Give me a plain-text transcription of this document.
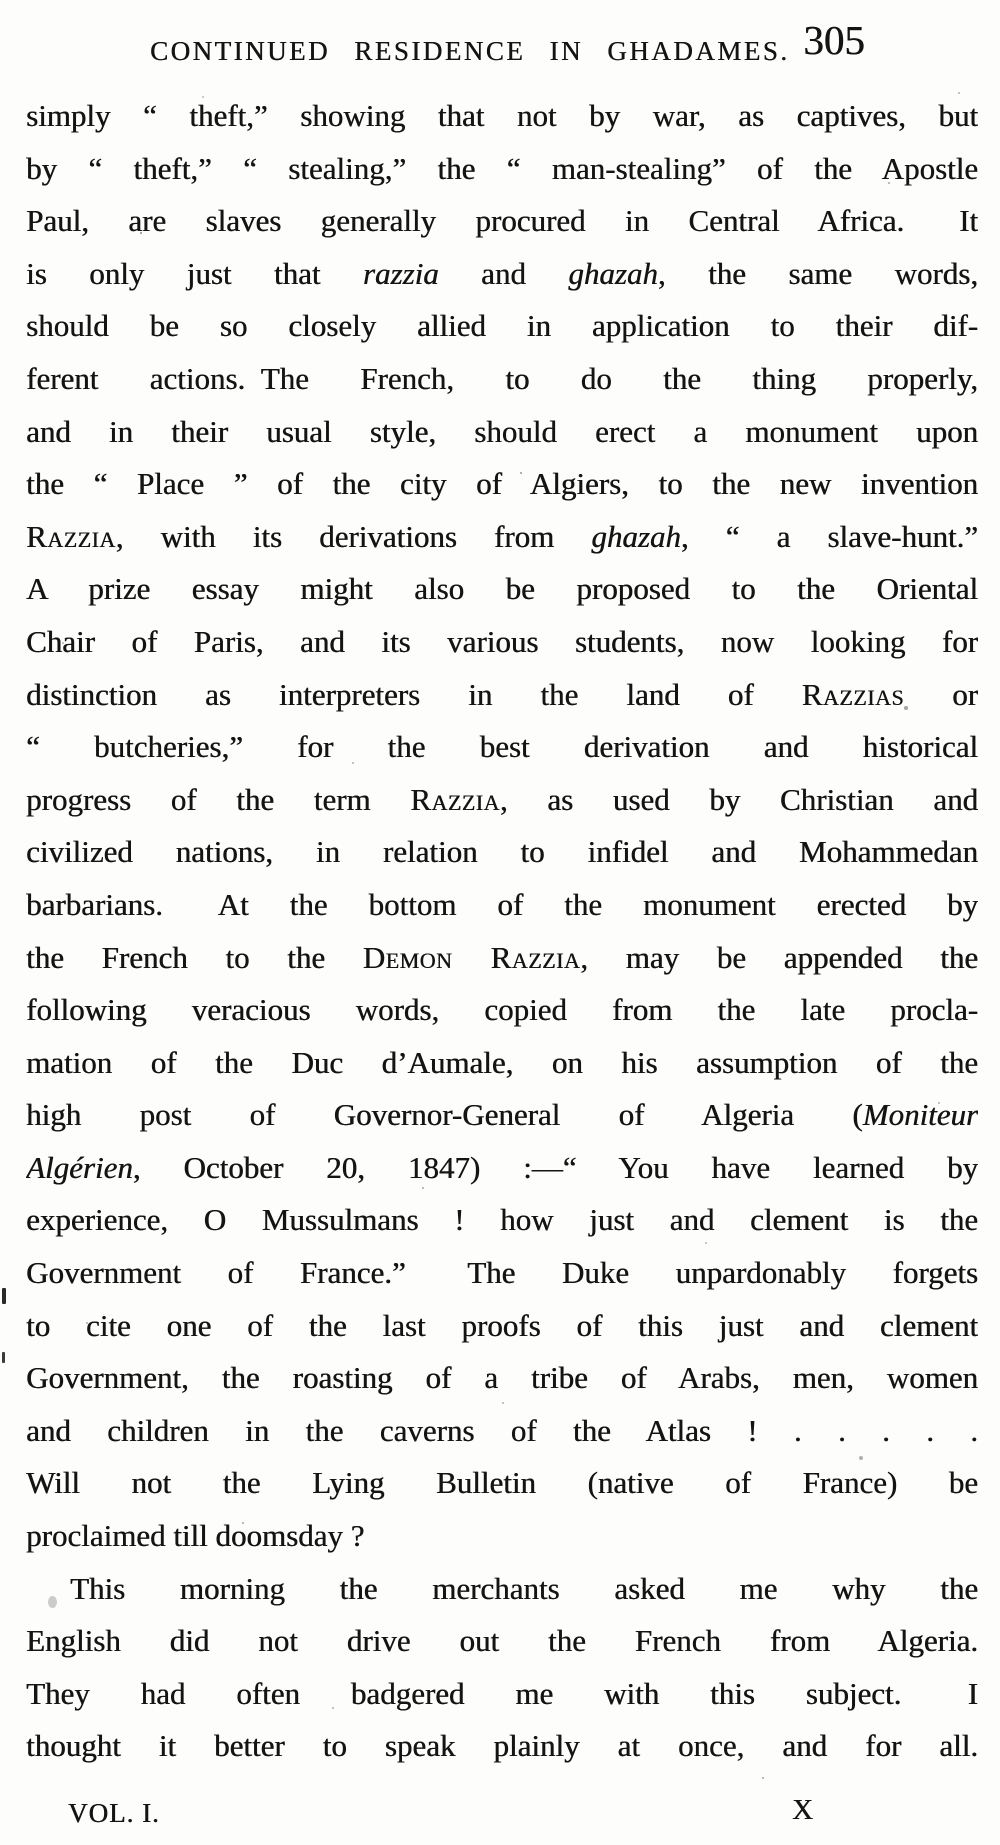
CONTINUED RESIDENCE IN GHADAMES. 305
simply “ theft,” showing that not by war, as captives, but
by “ theft,” “ stealing,” the “ man-stealing” of the Apostle
Paul, are slaves generally procured in Central Africa.  It
is only just that razzia and ghazah, the same words,
should be so closely allied in application to their dif-
ferent actions. The French, to do the thing properly,
and in their usual style, should erect a monument upon
the “ Place ” of the city of Algiers, to the new invention
Razzia, with its derivations from ghazah, “ a slave-hunt.”
A prize essay might also be proposed to the Oriental
Chair of Paris, and its various students, now looking for
distinction as interpreters in the land of Razzias or
“ butcheries,” for the best derivation and historical
progress of the term Razzia, as used by Christian and
civilized nations, in relation to infidel and Mohammedan
barbarians.  At the bottom of the monument erected by
the French to the Demon Razzia, may be appended the
following veracious words, copied from the late procla-
mation of the Duc d’Aumale, on his assumption of the
high post of Governor-General of Algeria (Moniteur
Algérien, October 20, 1847) :—“ You have learned by
experience, O Mussulmans ! how just and clement is the
Government of France.”  The Duke unpardonably forgets
to cite one of the last proofs of this just and clement
Government, the roasting of a tribe of Arabs, men, women
and children in the caverns of the Atlas ! . . . . .
Will not the Lying Bulletin (native of France) be
proclaimed till doomsday ?
This morning the merchants asked me why the
English did not drive out the French from Algeria.
They had often badgered me with this subject.  I
thought it better to speak plainly at once, and for all.
VOL. I.	X
